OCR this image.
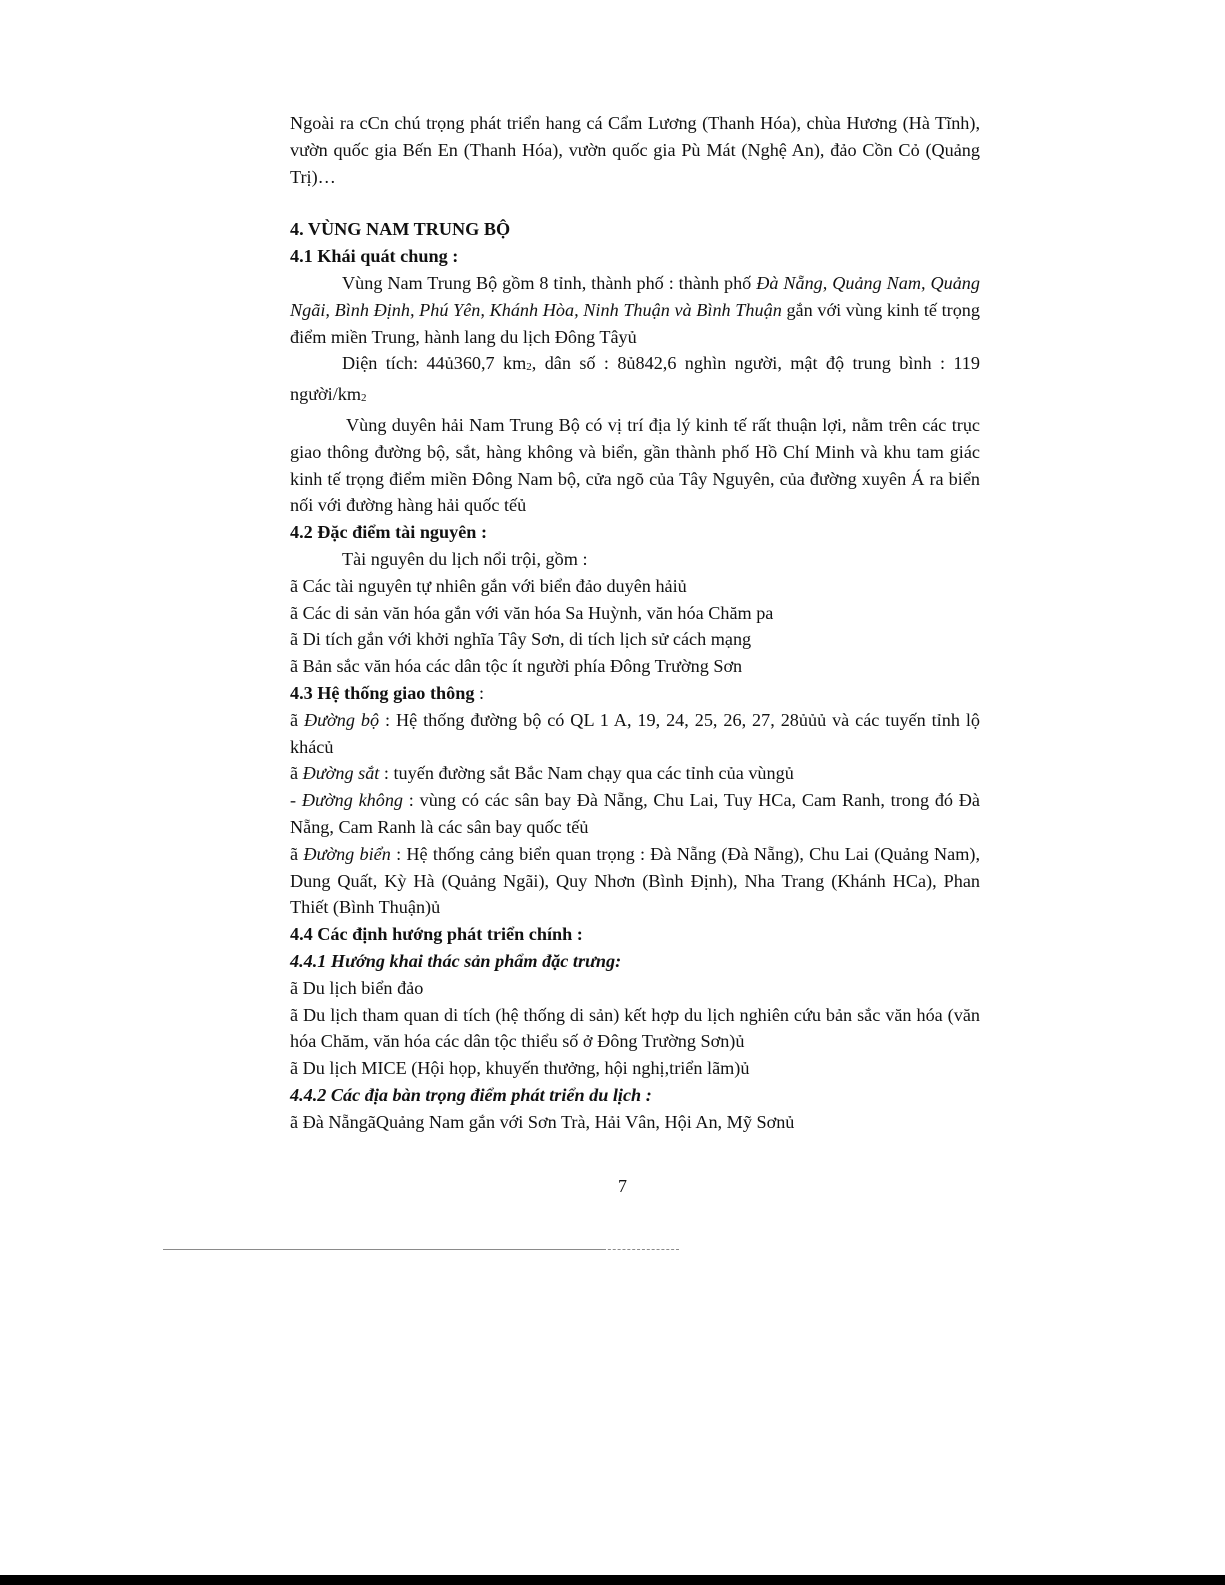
Ngoài ra cCn chú trọng phát triển hang cá Cẩm Lương (Thanh Hóa), chùa Hương (Hà Tĩnh), vườn quốc gia Bến En (Thanh Hóa), vườn quốc gia Pù Mát (Nghệ An), đảo Cồn Cỏ (Quảng Trị)…

4. VÙNG NAM TRUNG BỘ

4.1 Khái quát chung :

Vùng Nam Trung Bộ gồm 8 tỉnh, thành phố : thành phố Đà Nẵng, Quảng Nam, Quảng Ngãi, Bình Định, Phú Yên, Khánh Hòa, Ninh Thuận và Bình Thuận gắn với vùng kinh tế trọng điểm miền Trung, hành lang du lịch Đông Tâyủ

Diện tích: 44ủ360,7 $km_2$, dân số : 8ủ842,6 nghìn người, mật độ trung bình : 119 người/$km_2$

Vùng duyên hải Nam Trung Bộ có vị trí địa lý kinh tế rất thuận lợi, nằm trên các trục giao thông đường bộ, sắt, hàng không và biển, gần thành phố Hồ Chí Minh và khu tam giác kinh tế trọng điểm miền Đông Nam bộ, cửa ngõ của Tây Nguyên, của đường xuyên Á ra biển nối với đường hàng hải quốc tếủ

4.2 Đặc điểm tài nguyên :

Tài nguyên du lịch nổi trội, gồm :

ã Các tài nguyên tự nhiên gắn với biển đảo duyên hảiủ

ã Các di sản văn hóa gắn với văn hóa Sa Huỳnh, văn hóa Chăm pa

ã Di tích gắn với khởi nghĩa Tây Sơn, di tích lịch sử cách mạng

ã Bản sắc văn hóa các dân tộc ít người phía Đông Trường Sơn

4.3 Hệ thống giao thông :

ã Đường bộ : Hệ thống đường bộ có QL 1 A, 19, 24, 25, 26, 27, 28ủủủ và các tuyến tỉnh lộ khácủ

ã Đường sắt : tuyến đường sắt Bắc Nam chạy qua các tỉnh của vùngủ

- Đường không : vùng có các sân bay Đà Nẵng, Chu Lai, Tuy HCa, Cam Ranh, trong đó Đà Nẵng, Cam Ranh là các sân bay quốc tếủ

ã Đường biển : Hệ thống cảng biển quan trọng : Đà Nẵng (Đà Nẵng), Chu Lai (Quảng Nam), Dung Quất, Kỳ Hà (Quảng Ngãi), Quy Nhơn (Bình Định), Nha Trang (Khánh HCa), Phan Thiết (Bình Thuận)ủ

4.4 Các định hướng phát triển chính :

4.4.1 Hướng khai thác sản phẩm đặc trưng:

ã Du lịch biển đảo

ã Du lịch tham quan di tích (hệ thống di sản) kết hợp du lịch nghiên cứu bản sắc văn hóa (văn hóa Chăm, văn hóa các dân tộc thiểu số ở Đông Trường Sơn)ủ

ã Du lịch MICE (Hội họp, khuyến thưởng, hội nghị,triển lãm)ủ

4.4.2 Các địa bàn trọng điểm phát triển du lịch :

ã Đà NẵngãQuảng Nam gắn với Sơn Trà, Hải Vân, Hội An, Mỹ Sơnủ

7
